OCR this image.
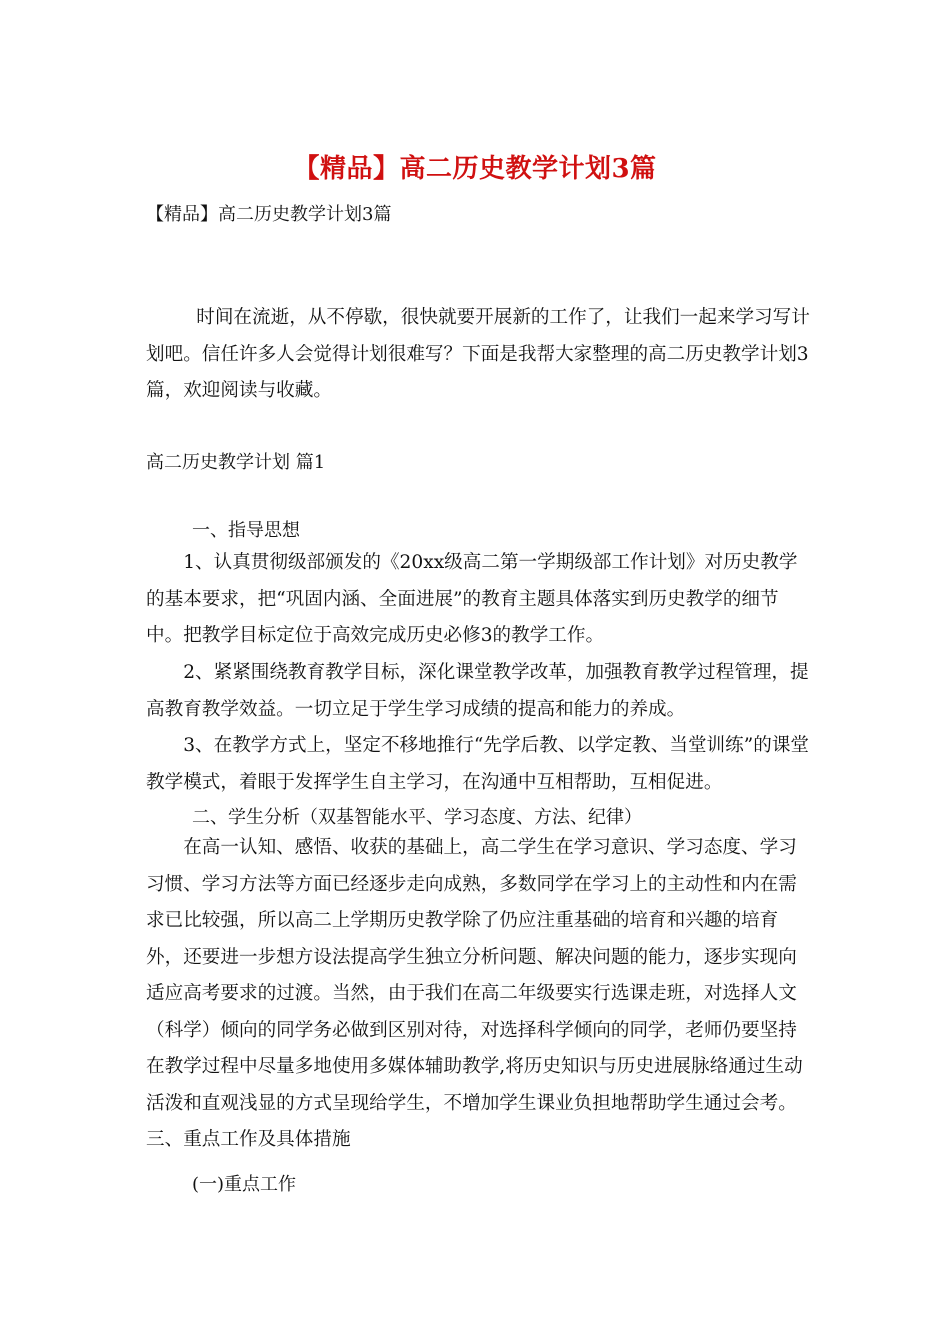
【精品】高二历史教学计划3篇

【精品】高二历史教学计划3篇

时间在流逝，从不停歇，很快就要开展新的工作了，让我们一起来学习写计划吧。信任许多人会觉得计划很难写？下面是我帮大家整理的高二历史教学计划3篇，欢迎阅读与收藏。

高二历史教学计划 篇1

一、指导思想

1、认真贯彻级部颁发的《20xx级高二第一学期级部工作计划》对历史教学的基本要求，把“巩固内涵、全面进展”的教育主题具体落实到历史教学的细节中。把教学目标定位于高效完成历史必修3的教学工作。

2、紧紧围绕教育教学目标，深化课堂教学改革，加强教育教学过程管理，提高教育教学效益。一切立足于学生学习成绩的提高和能力的养成。

3、在教学方式上，坚定不移地推行“先学后教、以学定教、当堂训练”的课堂教学模式，着眼于发挥学生自主学习，在沟通中互相帮助，互相促进。

二、学生分析（双基智能水平、学习态度、方法、纪律）

在高一认知、感悟、收获的基础上，高二学生在学习意识、学习态度、学习习惯、学习方法等方面已经逐步走向成熟，多数同学在学习上的主动性和内在需求已比较强，所以高二上学期历史教学除了仍应注重基础的培育和兴趣的培育外，还要进一步想方设法提高学生独立分析问题、解决问题的能力，逐步实现向适应高考要求的过渡。当然，由于我们在高二年级要实行选课走班，对选择人文（科学）倾向的同学务必做到区别对待，对选择科学倾向的同学，老师仍要坚持在教学过程中尽量多地使用多媒体辅助教学,将历史知识与历史进展脉络通过生动活泼和直观浅显的方式呈现给学生，不增加学生课业负担地帮助学生通过会考。三、重点工作及具体措施

(一)重点工作
